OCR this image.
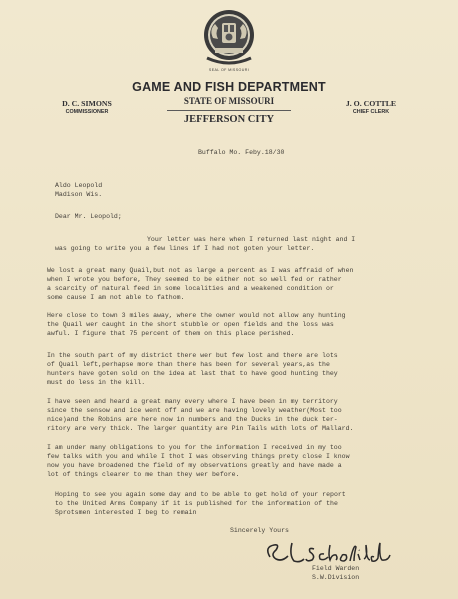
SEAL OF MISSOURI
GAME AND FISH DEPARTMENT
STATE OF MISSOURI
JEFFERSON CITY
D. C. SIMONS
COMMISSIONER
J. O. COTTLE
CHIEF CLERK
Buffalo Mo. Feby.18/30
Aldo Leopold
Madison Wis.
Dear Mr. Leopold;
Your letter was here when I returned last night and I
was going to write you a few lines if I had not goten your letter.
We lost a great many Quail,but not as large a percent as I was affraid of when
when I wrote you before, They seemed to be either not so well fed or rather
a scarcity of natural feed in some localities and a weakened condition or
some cause I am not able to fathom.
Here close to town 3 miles away, where the owner would not allow any hunting
the Quail wer caught in the short stubble or open fields and the loss was
awful. I figure that 75 percent of them on this place perished.
In the south part of my district there wer but few lost and there are lots
of Quail left,perhapse more than there has been for several years,as the
hunters have goten sold on the idea at last that to have good hunting they
must do less in the kill.
I have seen and heard a great many every where I have been in my territory
since the sensow and ice went off and we are having lovely weather(Most too
nice)and the Robins are here now in numbers and the Ducks in the duck ter-
ritory are very thick. The larger quantity are Pin Tails with lots of Mallard.
I am under many obligations to you for the information I received in my too
few talks with you and while I thot I was observing things prety close I know
now you have broadened the field of my observations greatly and have made a
lot of things clearer to me than they wer before.
Hoping to see you again some day and to be able to get hold of your report
to the United Arms Company if it is published for the information of the
Sprotsmen interested I beg to remain
Sincerely Yours
Field Warden
S.W.Division
